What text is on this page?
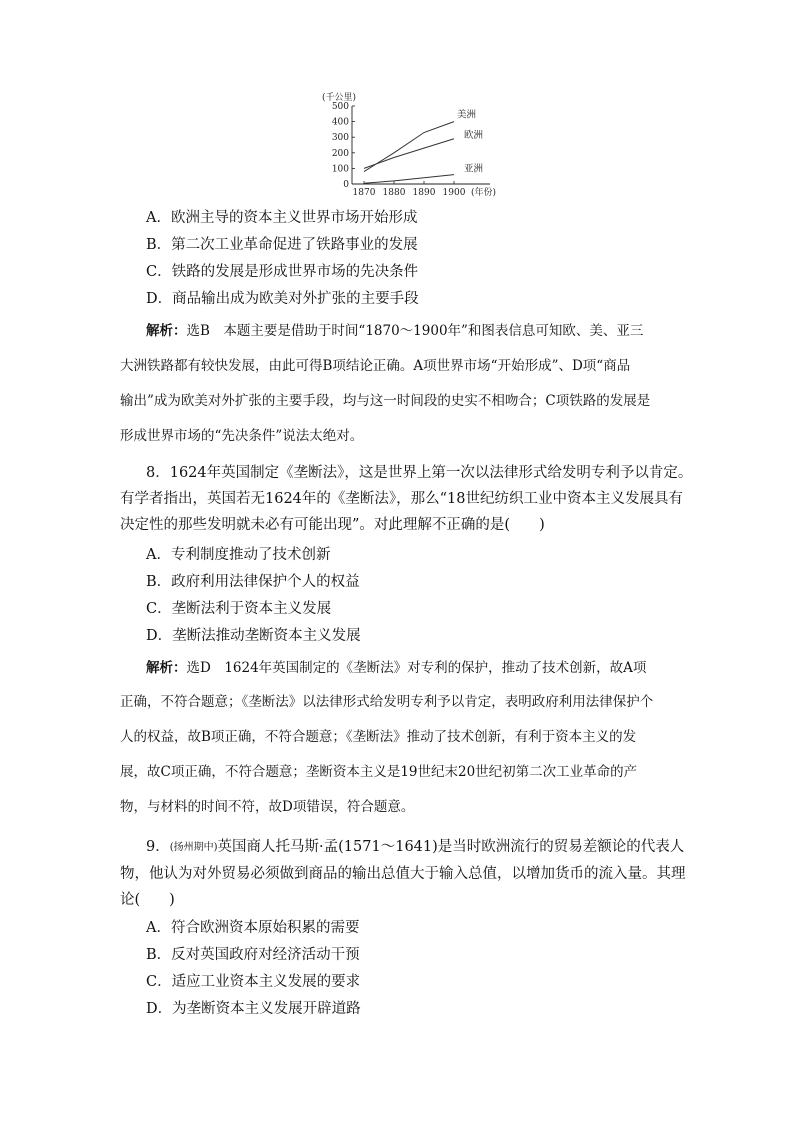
(千公里)
0
100
200
300
400
500
1870 1880 1890 1900
美洲
欧洲
亚洲
(年份)
A．欧洲主导的资本主义世界市场开始形成
B．第二次工业革命促进了铁路事业的发展
C．铁路的发展是形成世界市场的先决条件
D．商品输出成为欧美对外扩张的主要手段
解析：选B　本题主要是借助于时间“1870～1900年”和图表信息可知欧、美、亚三
大洲铁路都有较快发展，由此可得B项结论正确。A项世界市场“开始形成”、D项“商品
输出”成为欧美对外扩张的主要手段，均与这一时间段的史实不相吻合；C项铁路的发展是
形成世界市场的“先决条件”说法太绝对。
8．1624年英国制定《垄断法》，这是世界上第一次以法律形式给发明专利予以肯定。
有学者指出，英国若无1624年的《垄断法》，那么“18世纪纺织工业中资本主义发展具有
决定性的那些发明就未必有可能出现”。对此理解不正确的是(　　)
A．专利制度推动了技术创新
B．政府利用法律保护个人的权益
C．垄断法利于资本主义发展
D．垄断法推动垄断资本主义发展
解析：选D　1624年英国制定的《垄断法》对专利的保护，推动了技术创新，故A项
正确，不符合题意；《垄断法》以法律形式给发明专利予以肯定，表明政府利用法律保护个
人的权益，故B项正确，不符合题意；《垄断法》推动了技术创新，有利于资本主义的发
展，故C项正确，不符合题意；垄断资本主义是19世纪末20世纪初第二次工业革命的产
物，与材料的时间不符，故D项错误，符合题意。
9．(扬州期中)英国商人托马斯·孟(1571～1641)是当时欧洲流行的贸易差额论的代表人
物，他认为对外贸易必须做到商品的输出总值大于输入总值，以增加货币的流入量。其理
论(　　)
A．符合欧洲资本原始积累的需要
B．反对英国政府对经济活动干预
C．适应工业资本主义发展的要求
D．为垄断资本主义发展开辟道路
